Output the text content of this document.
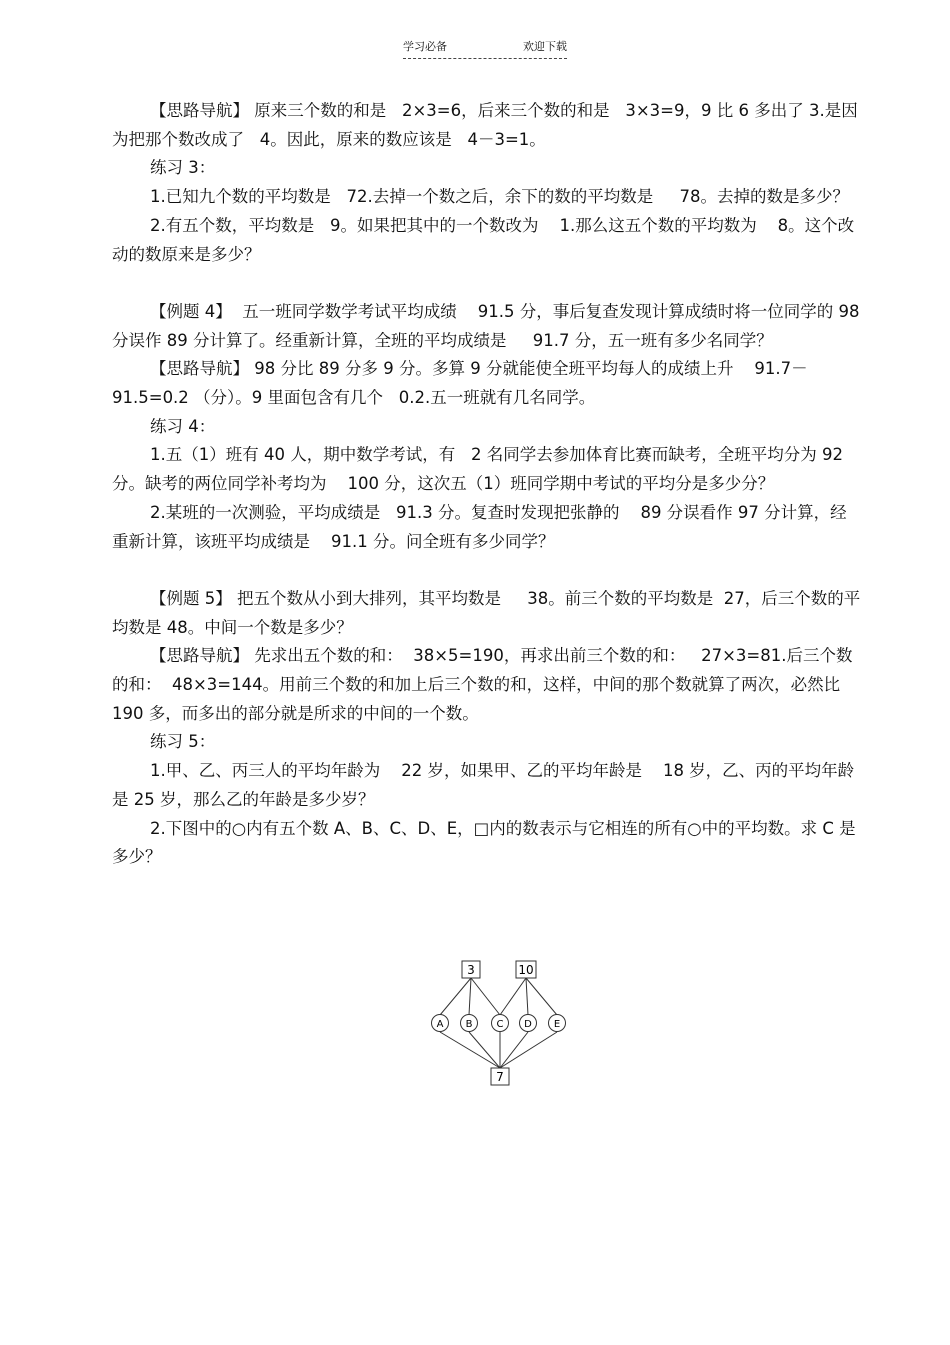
学习必备	欢迎下载

【思路导航】 原来三个数的和是   2×3=6，后来三个数的和是   3×3=9，9 比 6 多出了 3.是因为把那个数改成了   4。因此，原来的数应该是   4－3=1。

练习 3：

1.已知九个数的平均数是   72.去掉一个数之后，余下的数的平均数是     78。去掉的数是多少？

2.有五个数，平均数是   9。如果把其中的一个数改为    1.那么这五个数的平均数为    8。这个改动的数原来是多少？

【例题 4】  五一班同学数学考试平均成绩    91.5 分，事后复查发现计算成绩时将一位同学的 98 分误作 89 分计算了。经重新计算，全班的平均成绩是     91.7 分，五一班有多少名同学？

【思路导航】 98 分比 89 分多 9 分。多算 9 分就能使全班平均每人的成绩上升    91.7－91.5=0.2 （分）。9 里面包含有几个   0.2.五一班就有几名同学。

练习 4：

1.五（1）班有 40 人，期中数学考试，有   2 名同学去参加体育比赛而缺考，全班平均分为 92 分。缺考的两位同学补考均为    100 分，这次五（1）班同学期中考试的平均分是多少分？

2.某班的一次测验，平均成绩是   91.3 分。复查时发现把张静的    89 分误看作 97 分计算，经重新计算，该班平均成绩是    91.1 分。问全班有多少同学？

【例题 5】 把五个数从小到大排列，其平均数是     38。前三个数的平均数是  27，后三个数的平均数是 48。中间一个数是多少？

【思路导航】 先求出五个数的和：  38×5=190，再求出前三个数的和：   27×3=81.后三个数的和：  48×3=144。用前三个数的和加上后三个数的和，这样，中间的那个数就算了两次，必然比 190 多，而多出的部分就是所求的中间的一个数。

练习 5：

1.甲、乙、丙三人的平均年龄为    22 岁，如果甲、乙的平均年龄是    18 岁，乙、丙的平均年龄是 25 岁，那么乙的年龄是多少岁？

2.下图中的○内有五个数 A、B、C、D、E，□内的数表示与它相连的所有○中的平均数。求 C 是多少？

3	10
7
A B C D E
